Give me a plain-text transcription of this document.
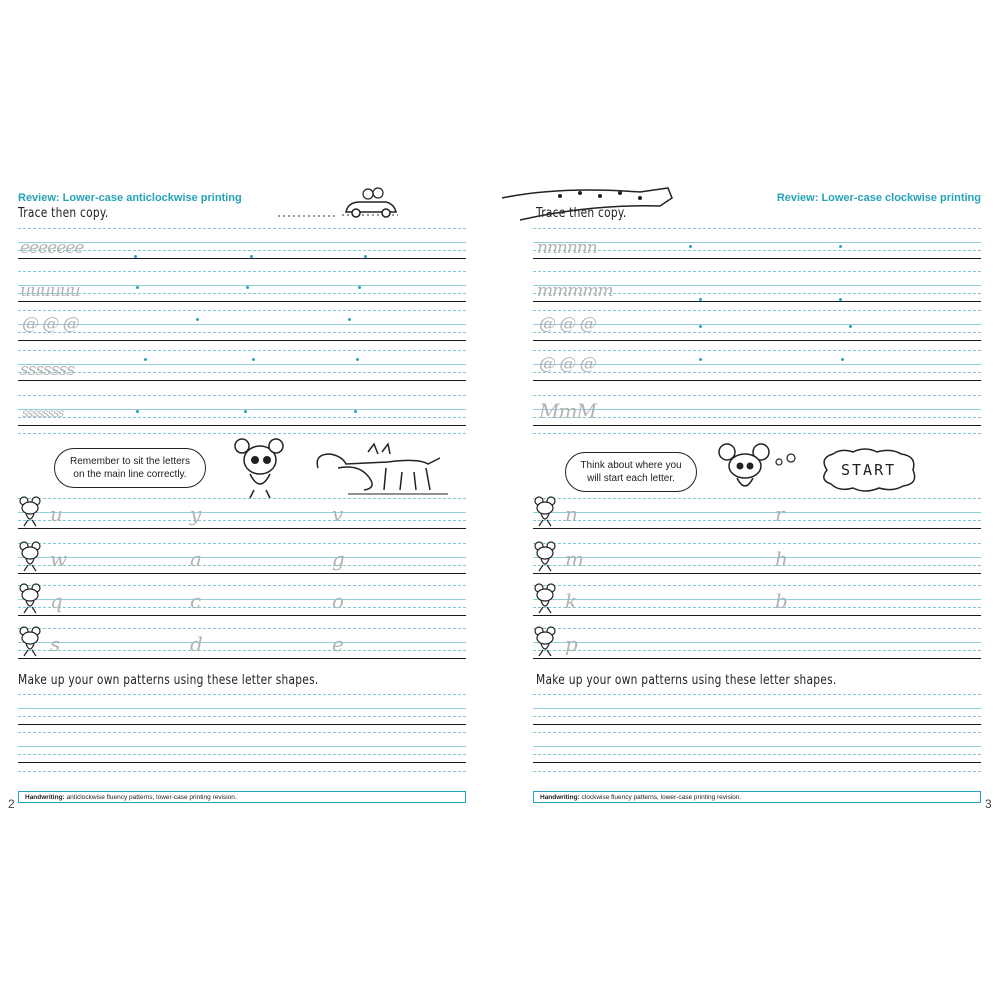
Review: Lower-case anticlockwise printing
Trace then copy.
eeeeeee
uuuuuu
@ @ @
sssssss
ssssssss
Remember to sit the letters on the main line correctly.
u	y	v
w	a	g
q	c	o
s	d	e
Make up your own patterns using these letter shapes.
Handwriting: anticlockwise fluency patterns, lower-case printing revision.
2
Review: Lower-case clockwise printing
Trace then copy.
nnnnnn
mmmmm
@ @ @
@ @ @
MmM
Think about where you will start each letter.	START
n	r
m	h
k	b
p
Make up your own patterns using these letter shapes.
Handwriting: clockwise fluency patterns, lower-case printing revision.	3
